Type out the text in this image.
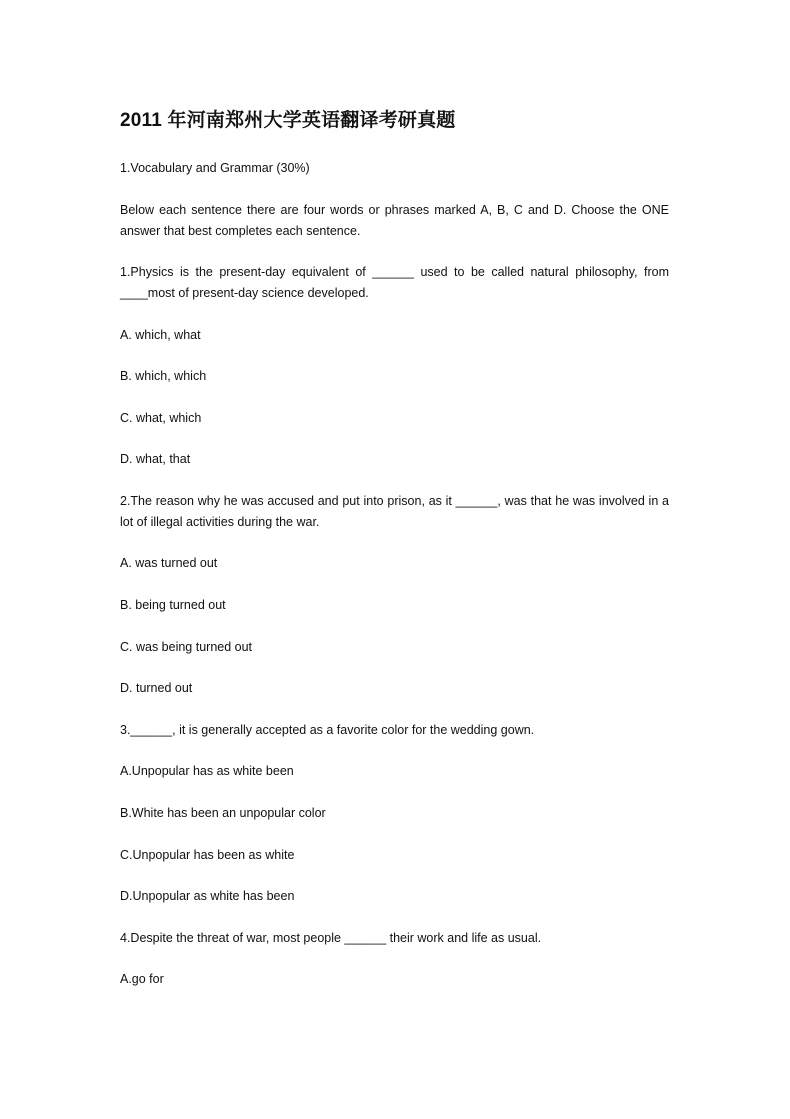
2011 年河南郑州大学英语翻译考研真题
1.Vocabulary and Grammar (30%)
Below each sentence there are four words or phrases marked A, B, C and D. Choose the ONE answer that best completes each sentence.
1.Physics is the present-day equivalent of ______ used to be called natural philosophy, from ____most of present-day science developed.
A. which, what
B. which, which
C. what, which
D. what, that
2.The reason why he was accused and put into prison, as it ______, was that he was involved in a lot of illegal activities during the war.
A. was turned out
B. being turned out
C. was being turned out
D. turned out
3.______, it is generally accepted as a favorite color for the wedding gown.
A.Unpopular has as white been
B.White has been an unpopular color
C.Unpopular has been as white
D.Unpopular as white has been
4.Despite the threat of war, most people ______ their work and life as usual.
A.go for
